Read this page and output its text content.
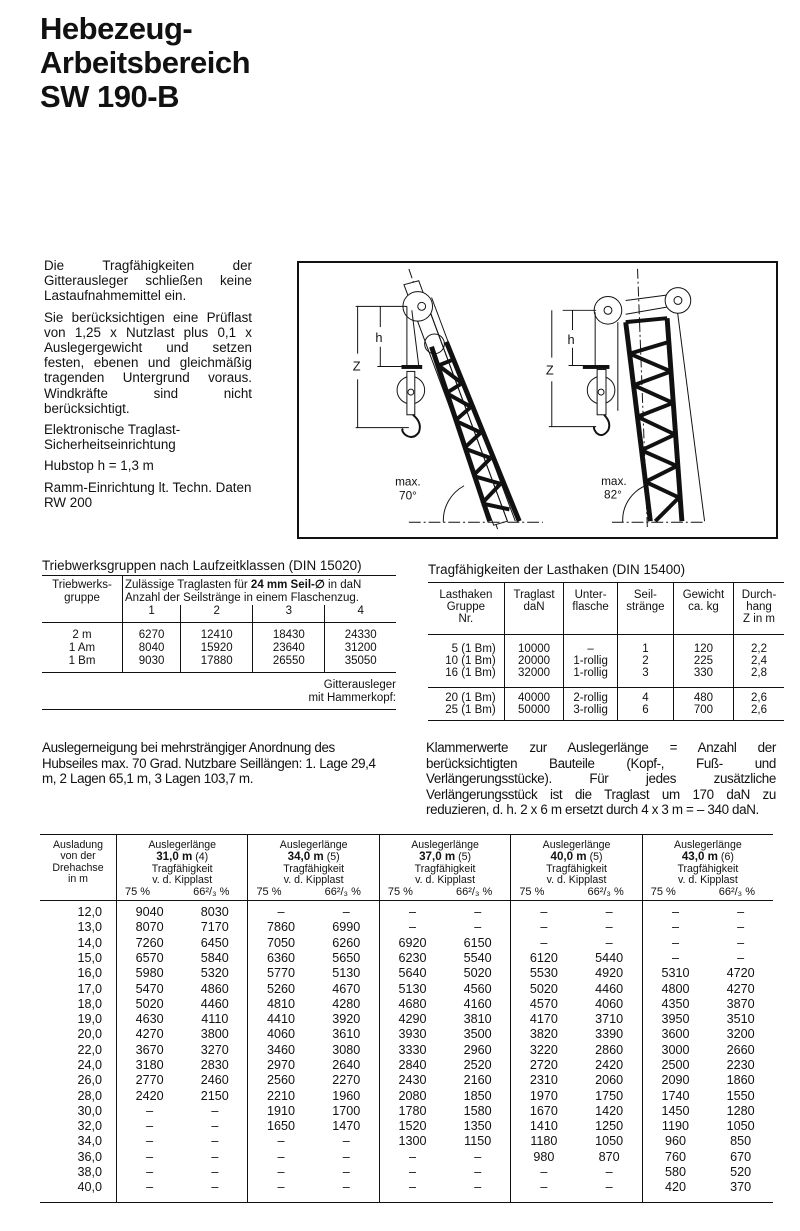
Hebezeug-
Arbeitsbereich
SW 190-B

Die Tragfähigkeiten der Gitterausleger schließen keine Lastaufnahmemittel ein.

Sie berücksichtigen eine Prüflast von 1,25 x Nutzlast plus 0,1 x Auslegergewicht und setzen festen, ebenen und gleichmäßig tragenden Untergrund voraus. Windkräfte sind nicht berücksichtigt.

Elektronische Traglast-Sicherheitseinrichtung

Hubstop h = 1,3 m

Ramm-Einrichtung lt. Techn. Daten RW 200

max.
70°
h
Z
max.
82°
h
Z
Triebwerksgruppen nach Laufzeitklassen (DIN 15020)
Triebwerks-
gruppe	Zulässige Traglasten für 24 mm Seil-∅ in daN
Anzahl der Seilstränge in einem Flaschenzug.			
	1	2	3	4
2 m
1 Am
1 Bm	6270
8040
9030	12410
15920
17880	18430
23640
26550	24330
31200
35050
Gitterausleger
mit Hammerkopf:				
Tragfähigkeiten der Lasthaken (DIN 15400)
Lasthaken
Gruppe
Nr.	Traglast
daN	Unter-
flasche	Seil-
stränge	Gewicht
ca. kg	Durch-
hang
Z in m
5 (1 Bm)
10 (1 Bm)
16 (1 Bm)	10000
20000
32000	–
1-rollig
1-rollig	1
2
3	120
225
330	2,2
2,4
2,8
20 (1 Bm)
25 (1 Bm)	40000
50000	2-rollig
3-rollig	4
6	480
700	2,6
2,6
Auslegerneigung bei mehrsträngiger Anordnung des Hubseiles max. 70 Grad. Nutzbare Seillängen: 1. Lage 29,4 m, 2 Lagen 65,1 m, 3 Lagen 103,7 m.
Klammerwerte zur Auslegerlänge = Anzahl der berücksichtigten Bauteile (Kopf-, Fuß- und Verlängerungsstücke). Für jedes zusätzliche Verlängerungsstück ist die Traglast um 170 daN zu reduzieren, d. h. 2 x 6 m ersetzt durch 4 x 3 m = – 340 daN.
Ausladung
von der
Drehachse
in m	Auslegerlänge
31,0 m (4)
Tragfähigkeit
v. d. Kipplast
75 %	66²/₃ %
	Auslegerlänge
34,0 m (5)
Tragfähigkeit
v. d. Kipplast
75 %	66²/₃ %
	Auslegerlänge
37,0 m (5)
Tragfähigkeit
v. d. Kipplast
75 %	66²/₃ %
	Auslegerlänge
40,0 m (5)
Tragfähigkeit
v. d. Kipplast
75 %	66²/₃ %
	Auslegerlänge
43,0 m (6)
Tragfähigkeit
v. d. Kipplast
75 %	66²/₃ %

12,0	9040	8030	–	–	–	–	–	–	–	–
13,0	8070	7170	7860	6990	–	–	–	–	–	–
14,0	7260	6450	7050	6260	6920	6150	–	–	–	–
15,0	6570	5840	6360	5650	6230	5540	6120	5440	–	–
16,0	5980	5320	5770	5130	5640	5020	5530	4920	5310	4720
17,0	5470	4860	5260	4670	5130	4560	5020	4460	4800	4270
18,0	5020	4460	4810	4280	4680	4160	4570	4060	4350	3870
19,0	4630	4110	4410	3920	4290	3810	4170	3710	3950	3510
20,0	4270	3800	4060	3610	3930	3500	3820	3390	3600	3200
22,0	3670	3270	3460	3080	3330	2960	3220	2860	3000	2660
24,0	3180	2830	2970	2640	2840	2520	2720	2420	2500	2230
26,0	2770	2460	2560	2270	2430	2160	2310	2060	2090	1860
28,0	2420	2150	2210	1960	2080	1850	1970	1750	1740	1550
30,0	–	–	1910	1700	1780	1580	1670	1420	1450	1280
32,0	–	–	1650	1470	1520	1350	1410	1250	1190	1050
34,0	–	–	–	–	1300	1150	1180	1050	960	850
36,0	–	–	–	–	–	–	980	870	760	670
38,0	–	–	–	–	–	–	–	–	580	520
40,0	–	–	–	–	–	–	–	–	420	370
